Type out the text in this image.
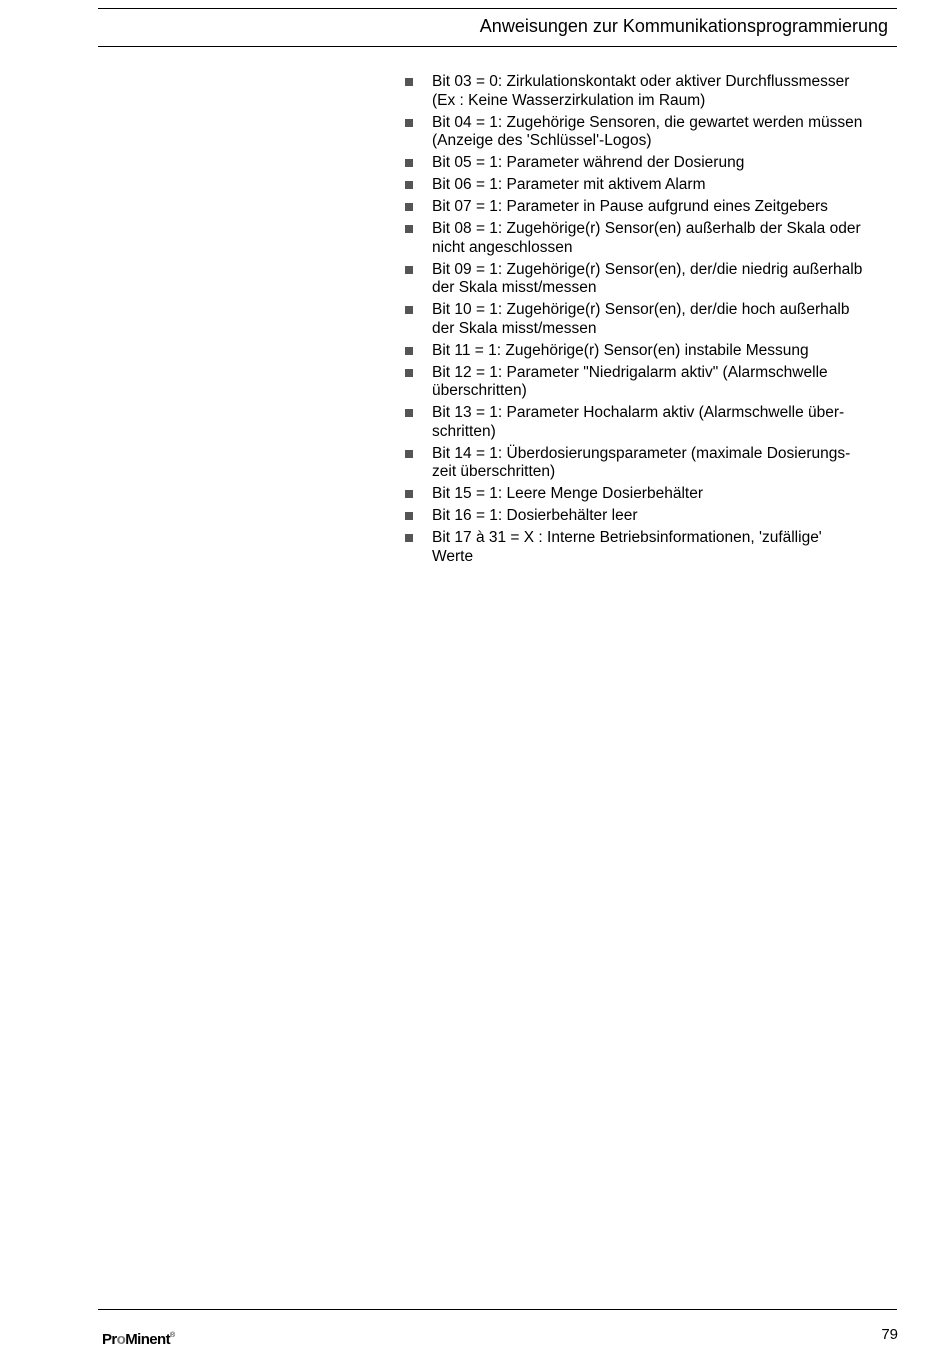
Anweisungen zur Kommunikationsprogrammierung
Bit 03 = 0: Zirkulationskontakt oder aktiver Durchflussmesser
(Ex : Keine Wasserzirkulation im Raum)
Bit 04 = 1: Zugehörige Sensoren, die gewartet werden müssen
(Anzeige des 'Schlüssel'-Logos)
Bit 05 = 1: Parameter während der Dosierung
Bit 06 = 1: Parameter mit aktivem Alarm
Bit 07 = 1: Parameter in Pause aufgrund eines Zeitgebers
Bit 08 = 1: Zugehörige(r) Sensor(en) außerhalb der Skala oder
nicht angeschlossen
Bit 09 = 1: Zugehörige(r) Sensor(en), der/die niedrig außerhalb
der Skala misst/messen
Bit 10 = 1: Zugehörige(r) Sensor(en), der/die hoch außerhalb
der Skala misst/messen
Bit 11 = 1: Zugehörige(r) Sensor(en) instabile Messung
Bit 12 = 1: Parameter "Niedrigalarm aktiv" (Alarmschwelle
überschritten)
Bit 13 = 1: Parameter Hochalarm aktiv (Alarmschwelle über-
schritten)
Bit 14 = 1: Überdosierungsparameter (maximale Dosierungs-
zeit überschritten)
Bit 15 = 1: Leere Menge Dosierbehälter
Bit 16 = 1: Dosierbehälter leer
Bit 17 à 31 = X : Interne Betriebsinformationen, 'zufällige'
Werte
ProMinent®	79
